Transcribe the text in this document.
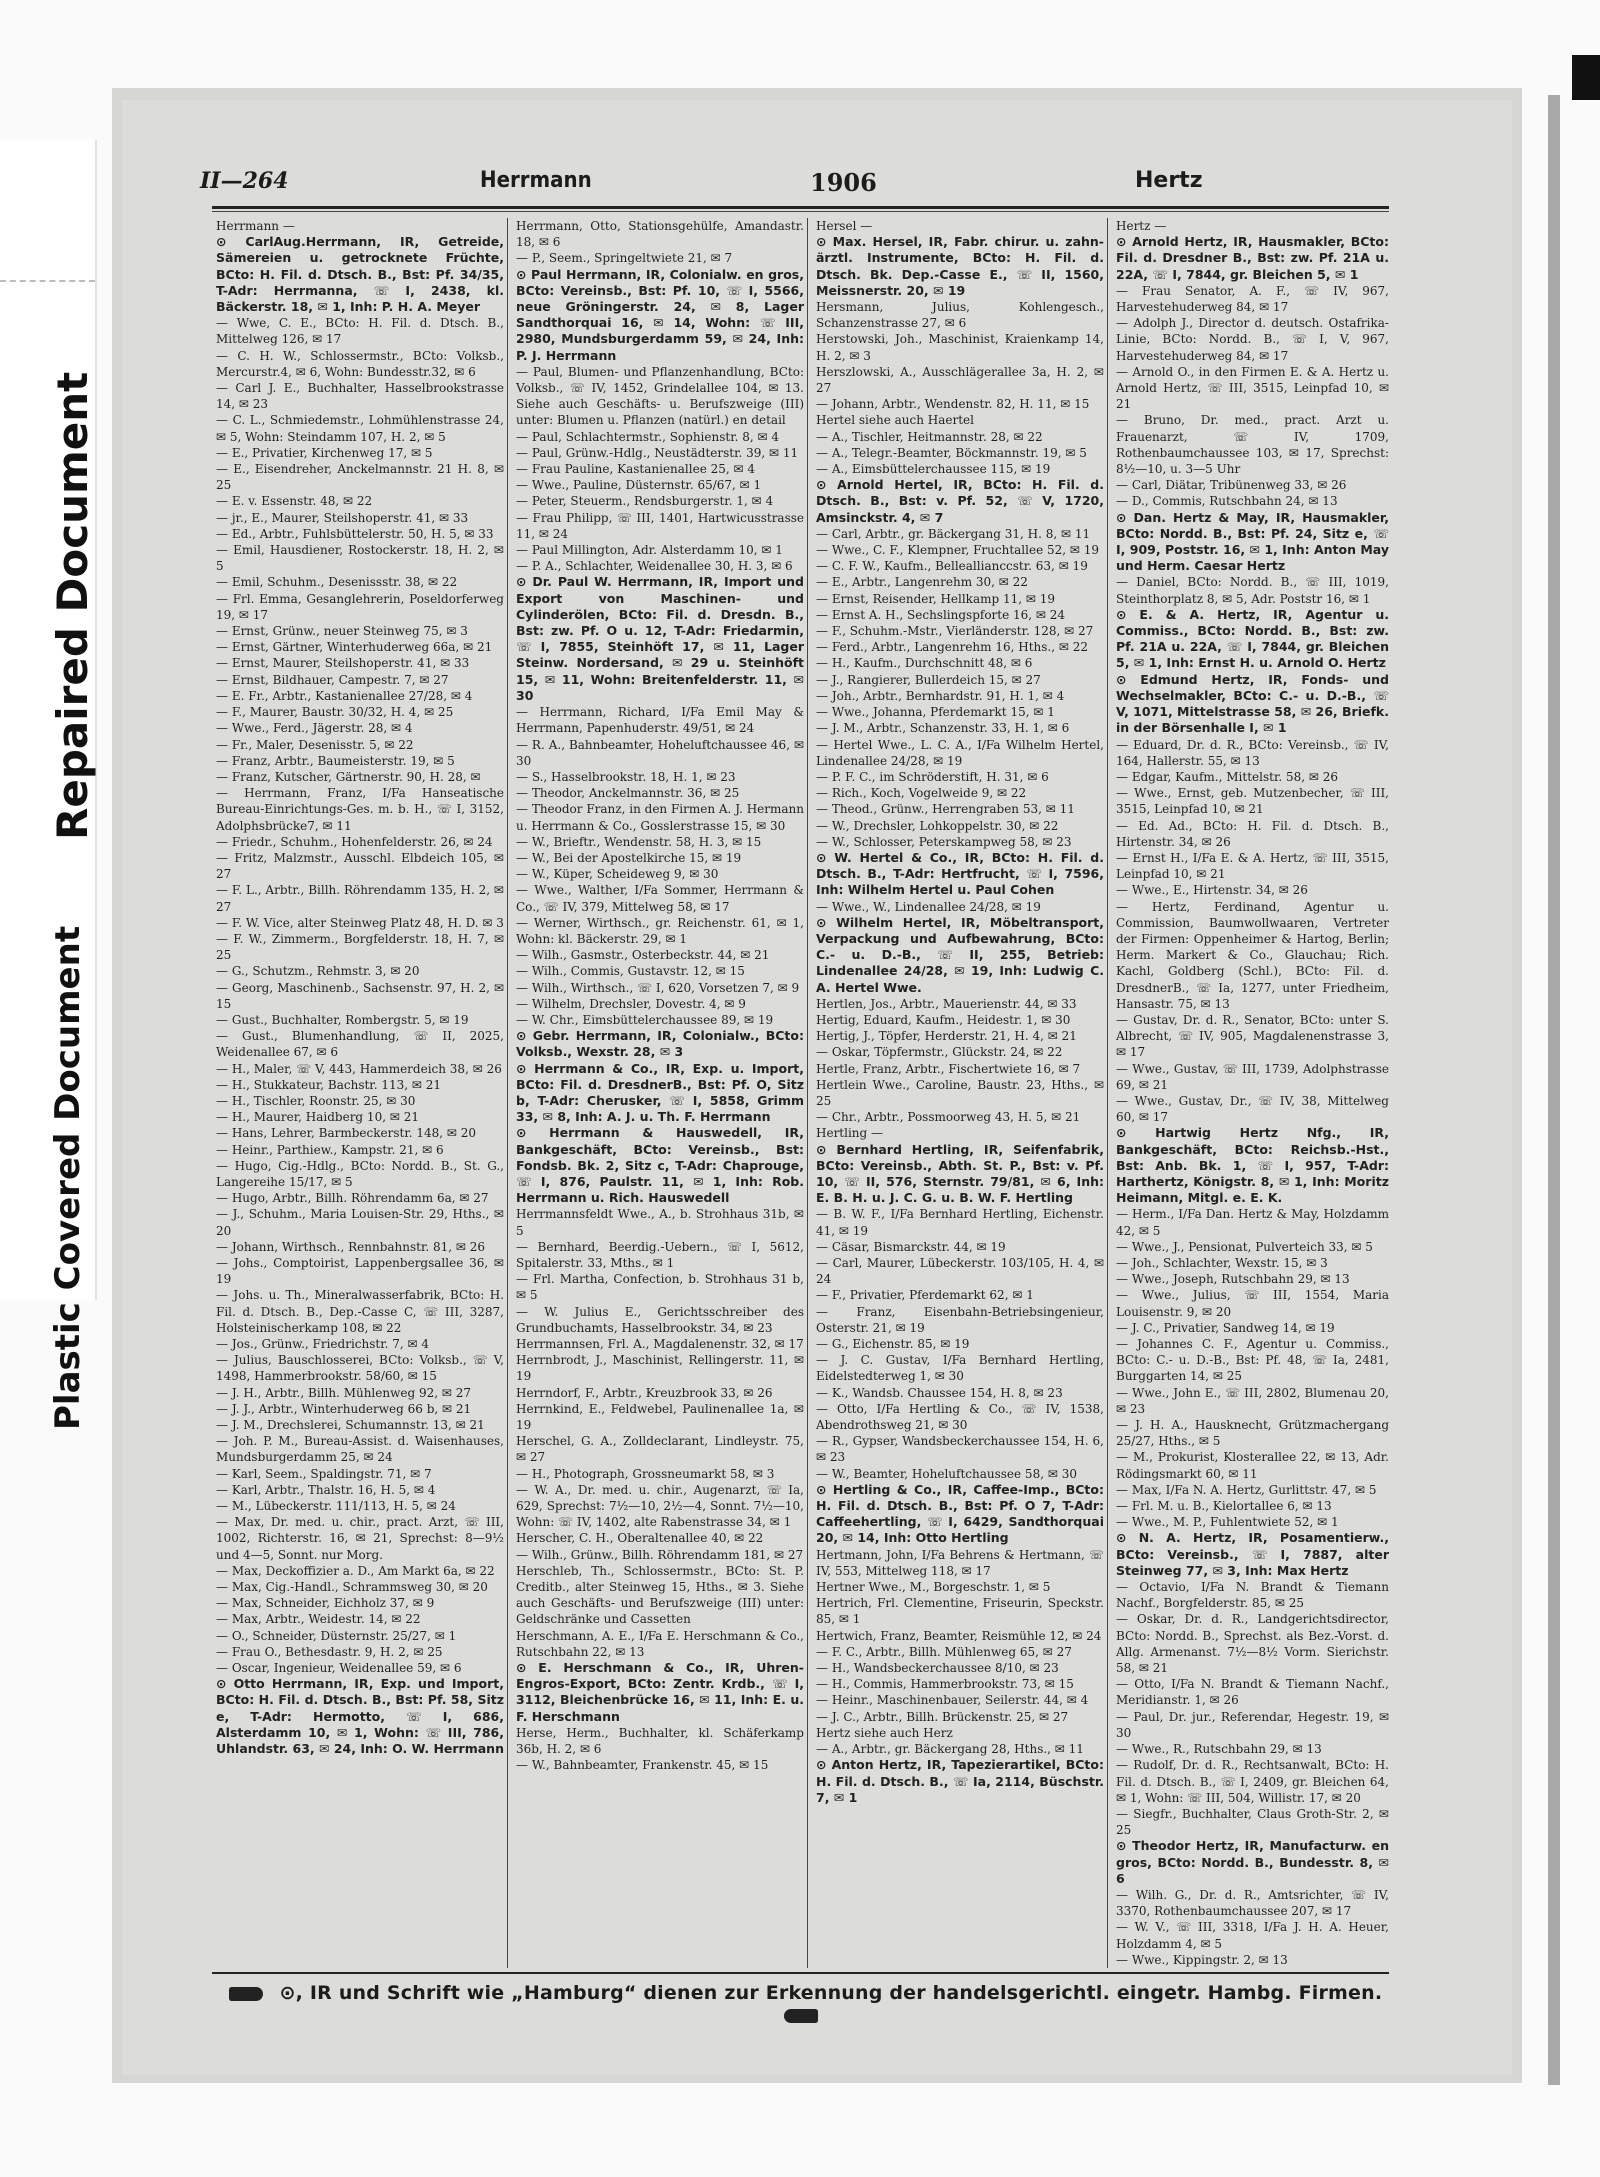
Repaired Document
Plastic Covered Document
II—264	Herrmann	1906	Hertz
Herrmann —
⊙ CarlAug.Herrmann, IR, Getreide, Sämereien u. getrocknete Früchte, BCto: H. Fil. d. Dtsch. B., Bst: Pf. 34/35, T-Adr: Herrmanna, ☏ I, 2438, kl. Bäckerstr. 18, ✉ 1, Inh: P. H. A. Meyer
— Wwe, C. E., BCto: H. Fil. d. Dtsch. B., Mittelweg 126, ✉ 17
— C. H. W., Schlossermstr., BCto: Volksb., Mercurstr.4, ✉ 6, Wohn: Bundesstr.32, ✉ 6
— Carl J. E., Buchhalter, Hasselbrookstrasse 14, ✉ 23
— C. L., Schmiedemstr., Lohmühlenstrasse 24, ✉ 5, Wohn: Steindamm 107, H. 2, ✉ 5
— E., Privatier, Kirchenweg 17, ✉ 5
— E., Eisendreher, Anckelmannstr. 21 H. 8, ✉ 25
— E. v. Essenstr. 48, ✉ 22
— jr., E., Maurer, Steilshoperstr. 41, ✉ 33
— Ed., Arbtr., Fuhlsbüttelerstr. 50, H. 5, ✉ 33
— Emil, Hausdiener, Rostockerstr. 18, H. 2, ✉ 5
— Emil, Schuhm., Desenissstr. 38, ✉ 22
— Frl. Emma, Gesanglehrerin, Poseldorferweg 19, ✉ 17
— Ernst, Grünw., neuer Steinweg 75, ✉ 3
— Ernst, Gärtner, Winterhuderweg 66a, ✉ 21
— Ernst, Maurer, Steilshoperstr. 41, ✉ 33
— Ernst, Bildhauer, Campestr. 7, ✉ 27
— E. Fr., Arbtr., Kastanienallee 27/28, ✉ 4
— F., Maurer, Baustr. 30/32, H. 4, ✉ 25
— Wwe., Ferd., Jägerstr. 28, ✉ 4
— Fr., Maler, Desenisstr. 5, ✉ 22
— Franz, Arbtr., Baumeisterstr. 19, ✉ 5
— Franz, Kutscher, Gärtnerstr. 90, H. 28, ✉
— Herrmann, Franz, I/Fa Hanseatische Bureau-Einrichtungs-Ges. m. b. H., ☏ I, 3152, Adolphsbrücke7, ✉ 11
— Friedr., Schuhm., Hohenfelderstr. 26, ✉ 24
— Fritz, Malzmstr., Ausschl. Elbdeich 105, ✉ 27
— F. L., Arbtr., Billh. Röhrendamm 135, H. 2, ✉ 27
— F. W. Vice, alter Steinweg Platz 48, H. D. ✉ 3
— F. W., Zimmerm., Borgfelderstr. 18, H. 7, ✉ 25
— G., Schutzm., Rehmstr. 3, ✉ 20
— Georg, Maschinenb., Sachsenstr. 97, H. 2, ✉ 15
— Gust., Buchhalter, Rombergstr. 5, ✉ 19
— Gust., Blumenhandlung, ☏ II, 2025, Weidenallee 67, ✉ 6
— H., Maler, ☏ V, 443, Hammerdeich 38, ✉ 26
— H., Stukkateur, Bachstr. 113, ✉ 21
— H., Tischler, Roonstr. 25, ✉ 30
— H., Maurer, Haidberg 10, ✉ 21
— Hans, Lehrer, Barmbeckerstr. 148, ✉ 20
— Heinr., Parthiew., Kampstr. 21, ✉ 6
— Hugo, Cig.-Hdlg., BCto: Nordd. B., St. G., Langereihe 15/17, ✉ 5
— Hugo, Arbtr., Billh. Röhrendamm 6a, ✉ 27
— J., Schuhm., Maria Louisen-Str. 29, Hths., ✉ 20
— Johann, Wirthsch., Rennbahnstr. 81, ✉ 26
— Johs., Comptoirist, Lappenbergsallee 36, ✉ 19
— Johs. u. Th., Mineralwasserfabrik, BCto: H. Fil. d. Dtsch. B., Dep.-Casse C, ☏ III, 3287, Holsteinischerkamp 108, ✉ 22
— Jos., Grünw., Friedrichstr. 7, ✉ 4
— Julius, Bauschlosserei, BCto: Volksb., ☏ V, 1498, Hammerbrookstr. 58/60, ✉ 15
— J. H., Arbtr., Billh. Mühlenweg 92, ✉ 27
— J. J., Arbtr., Winterhuderweg 66 b, ✉ 21
— J. M., Drechslerei, Schumannstr. 13, ✉ 21
— Joh. P. M., Bureau-Assist. d. Waisenhauses, Mundsburgerdamm 25, ✉ 24
— Karl, Seem., Spaldingstr. 71, ✉ 7
— Karl, Arbtr., Thalstr. 16, H. 5, ✉ 4
— M., Lübeckerstr. 111/113, H. 5, ✉ 24
— Max, Dr. med. u. chir., pract. Arzt, ☏ III, 1002, Richterstr. 16, ✉ 21, Sprechst: 8—9½ und 4—5, Sonnt. nur Morg.
— Max, Deckoffizier a. D., Am Markt 6a, ✉ 22
— Max, Cig.-Handl., Schrammsweg 30, ✉ 20
— Max, Schneider, Eichholz 37, ✉ 9
— Max, Arbtr., Weidestr. 14, ✉ 22
— O., Schneider, Düsternstr. 25/27, ✉ 1
— Frau O., Bethesdastr. 9, H. 2, ✉ 25
— Oscar, Ingenieur, Weidenallee 59, ✉ 6
⊙ Otto Herrmann, IR, Exp. und Import, BCto: H. Fil. d. Dtsch. B., Bst: Pf. 58, Sitz e, T-Adr: Hermotto, ☏ I, 686, Alsterdamm 10, ✉ 1, Wohn: ☏ III, 786, Uhlandstr. 63, ✉ 24, Inh: O. W. Herrmann
Herrmann, Otto, Stationsgehülfe, Amandastr. 18, ✉ 6
— P., Seem., Springeltwiete 21, ✉ 7
⊙ Paul Herrmann, IR, Colonialw. en gros, BCto: Vereinsb., Bst: Pf. 10, ☏ I, 5566, neue Gröningerstr. 24, ✉ 8, Lager Sandthorquai 16, ✉ 14, Wohn: ☏ III, 2980, Mundsburgerdamm 59, ✉ 24, Inh: P. J. Herrmann
— Paul, Blumen- und Pflanzenhandlung, BCto: Volksb., ☏ IV, 1452, Grindelallee 104, ✉ 13. Siehe auch Geschäfts- u. Berufszweige (III) unter: Blumen u. Pflanzen (natürl.) en detail
— Paul, Schlachtermstr., Sophienstr. 8, ✉ 4
— Paul, Grünw.-Hdlg., Neustädterstr. 39, ✉ 11
— Frau Pauline, Kastanienallee 25, ✉ 4
— Wwe., Pauline, Düsternstr. 65/67, ✉ 1
— Peter, Steuerm., Rendsburgerstr. 1, ✉ 4
— Frau Philipp, ☏ III, 1401, Hartwicusstrasse 11, ✉ 24
— Paul Millington, Adr. Alsterdamm 10, ✉ 1
— P. A., Schlachter, Weidenallee 30, H. 3, ✉ 6
⊙ Dr. Paul W. Herrmann, IR, Import und Export von Maschinen- und Cylinderölen, BCto: Fil. d. Dresdn. B., Bst: zw. Pf. O u. 12, T-Adr: Friedarmin, ☏ I, 7855, Steinhöft 17, ✉ 11, Lager Steinw. Nordersand, ✉ 29 u. Steinhöft 15, ✉ 11, Wohn: Breitenfelderstr. 11, ✉ 30
— Herrmann, Richard, I/Fa Emil May & Herrmann, Papenhuderstr. 49/51, ✉ 24
— R. A., Bahnbeamter, Hoheluftchaussee 46, ✉ 30
— S., Hasselbrookstr. 18, H. 1, ✉ 23
— Theodor, Anckelmannstr. 36, ✉ 25
— Theodor Franz, in den Firmen A. J. Hermann u. Herrmann & Co., Gosslerstrasse 15, ✉ 30
— W., Brieftr., Wendenstr. 58, H. 3, ✉ 15
— W., Bei der Apostelkirche 15, ✉ 19
— W., Küper, Scheideweg 9, ✉ 30
— Wwe., Walther, I/Fa Sommer, Herrmann & Co., ☏ IV, 379, Mittelweg 58, ✉ 17
— Werner, Wirthsch., gr. Reichenstr. 61, ✉ 1, Wohn: kl. Bäckerstr. 29, ✉ 1
— Wilh., Gasmstr., Osterbeckstr. 44, ✉ 21
— Wilh., Commis, Gustavstr. 12, ✉ 15
— Wilh., Wirthsch., ☏ I, 620, Vorsetzen 7, ✉ 9
— Wilhelm, Drechsler, Dovestr. 4, ✉ 9
— W. Chr., Eimsbüttelerchaussee 89, ✉ 19
⊙ Gebr. Herrmann, IR, Colonialw., BCto: Volksb., Wexstr. 28, ✉ 3
⊙ Herrmann & Co., IR, Exp. u. Import, BCto: Fil. d. DresdnerB., Bst: Pf. O, Sitz b, T-Adr: Cherusker, ☏ I, 5858, Grimm 33, ✉ 8, Inh: A. J. u. Th. F. Herrmann
⊙ Herrmann & Hauswedell, IR, Bankgeschäft, BCto: Vereinsb., Bst: Fondsb. Bk. 2, Sitz c, T-Adr: Chaprouge, ☏ I, 876, Paulstr. 11, ✉ 1, Inh: Rob. Herrmann u. Rich. Hauswedell
Herrmannsfeldt Wwe., A., b. Strohhaus 31b, ✉ 5
— Bernhard, Beerdig.-Uebern., ☏ I, 5612, Spitalerstr. 33, Mths., ✉ 1
— Frl. Martha, Confection, b. Strohhaus 31 b, ✉ 5
— W. Julius E., Gerichtsschreiber des Grundbuchamts, Hasselbrookstr. 34, ✉ 23
Herrmannsen, Frl. A., Magdalenenstr. 32, ✉ 17
Herrnbrodt, J., Maschinist, Rellingerstr. 11, ✉ 19
Herrndorf, F., Arbtr., Kreuzbrook 33, ✉ 26
Herrnkind, E., Feldwebel, Paulinenallee 1a, ✉ 19
Herschel, G. A., Zolldeclarant, Lindleystr. 75, ✉ 27
— H., Photograph, Grossneumarkt 58, ✉ 3
— W. A., Dr. med. u. chir., Augenarzt, ☏ Ia, 629, Sprechst: 7½—10, 2½—4, Sonnt. 7½—10, Wohn: ☏ IV, 1402, alte Rabenstrasse 34, ✉ 1
Herscher, C. H., Oberaltenallee 40, ✉ 22
— Wilh., Grünw., Billh. Röhrendamm 181, ✉ 27
Herschleb, Th., Schlossermstr., BCto: St. P. Creditb., alter Steinweg 15, Hths., ✉ 3. Siehe auch Geschäfts- und Berufszweige (III) unter: Geldschränke und Cassetten
Herschmann, A. E., I/Fa E. Herschmann & Co., Rutschbahn 22, ✉ 13
⊙ E. Herschmann & Co., IR, Uhren-Engros-Export, BCto: Zentr. Krdb., ☏ I, 3112, Bleichenbrücke 16, ✉ 11, Inh: E. u. F. Herschmann
Herse, Herm., Buchhalter, kl. Schäferkamp 36b, H. 2, ✉ 6
— W., Bahnbeamter, Frankenstr. 45, ✉ 15
Hersel —
⊙ Max. Hersel, IR, Fabr. chirur. u. zahn-ärztl. Instrumente, BCto: H. Fil. d. Dtsch. Bk. Dep.-Casse E., ☏ II, 1560, Meissnerstr. 20, ✉ 19
Hersmann, Julius, Kohlengesch., Schanzenstrasse 27, ✉ 6
Herstowski, Joh., Maschinist, Kraienkamp 14, H. 2, ✉ 3
Herszlowski, A., Ausschlägerallee 3a, H. 2, ✉ 27
— Johann, Arbtr., Wendenstr. 82, H. 11, ✉ 15
Hertel siehe auch Haertel
— A., Tischler, Heitmannstr. 28, ✉ 22
— A., Telegr.-Beamter, Böckmannstr. 19, ✉ 5
— A., Eimsbüttelerchaussee 115, ✉ 19
⊙ Arnold Hertel, IR, BCto: H. Fil. d. Dtsch. B., Bst: v. Pf. 52, ☏ V, 1720, Amsinckstr. 4, ✉ 7
— Carl, Arbtr., gr. Bäckergang 31, H. 8, ✉ 11
— Wwe., C. F., Klempner, Fruchtallee 52, ✉ 19
— C. F. W., Kaufm., Belleallianccstr. 63, ✉ 19
— E., Arbtr., Langenrehm 30, ✉ 22
— Ernst, Reisender, Hellkamp 11, ✉ 19
— Ernst A. H., Sechslingspforte 16, ✉ 24
— F., Schuhm.-Mstr., Vierländerstr. 128, ✉ 27
— Ferd., Arbtr., Langenrehm 16, Hths., ✉ 22
— H., Kaufm., Durchschnitt 48, ✉ 6
— J., Rangierer, Bullerdeich 15, ✉ 27
— Joh., Arbtr., Bernhardstr. 91, H. 1, ✉ 4
— Wwe., Johanna, Pferdemarkt 15, ✉ 1
— J. M., Arbtr., Schanzenstr. 33, H. 1, ✉ 6
— Hertel Wwe., L. C. A., I/Fa Wilhelm Hertel, Lindenallee 24/28, ✉ 19
— P. F. C., im Schröderstift, H. 31, ✉ 6
— Rich., Koch, Vogelweide 9, ✉ 22
— Theod., Grünw., Herrengraben 53, ✉ 11
— W., Drechsler, Lohkoppelstr. 30, ✉ 22
— W., Schlosser, Peterskampweg 58, ✉ 23
⊙ W. Hertel & Co., IR, BCto: H. Fil. d. Dtsch. B., T-Adr: Hertfrucht, ☏ I, 7596, Inh: Wilhelm Hertel u. Paul Cohen
— Wwe., W., Lindenallee 24/28, ✉ 19
⊙ Wilhelm Hertel, IR, Möbeltransport, Verpackung und Aufbewahrung, BCto: C.- u. D.-B., ☏ II, 255, Betrieb: Lindenallee 24/28, ✉ 19, Inh: Ludwig C. A. Hertel Wwe.
Hertlen, Jos., Arbtr., Mauerienstr. 44, ✉ 33
Hertig, Eduard, Kaufm., Heidestr. 1, ✉ 30
Hertig, J., Töpfer, Herderstr. 21, H. 4, ✉ 21
— Oskar, Töpfermstr., Glückstr. 24, ✉ 22
Hertle, Franz, Arbtr., Fischertwiete 16, ✉ 7
Hertlein Wwe., Caroline, Baustr. 23, Hths., ✉ 25
— Chr., Arbtr., Possmoorweg 43, H. 5, ✉ 21
Hertling —
⊙ Bernhard Hertling, IR, Seifenfabrik, BCto: Vereinsb., Abth. St. P., Bst: v. Pf. 10, ☏ II, 576, Sternstr. 79/81, ✉ 6, Inh: E. B. H. u. J. C. G. u. B. W. F. Hertling
— B. W. F., I/Fa Bernhard Hertling, Eichenstr. 41, ✉ 19
— Cäsar, Bismarckstr. 44, ✉ 19
— Carl, Maurer, Lübeckerstr. 103/105, H. 4, ✉ 24
— F., Privatier, Pferdemarkt 62, ✉ 1
— Franz, Eisenbahn-Betriebsingenieur, Osterstr. 21, ✉ 19
— G., Eichenstr. 85, ✉ 19
— J. C. Gustav, I/Fa Bernhard Hertling, Eidelstedterweg 1, ✉ 30
— K., Wandsb. Chaussee 154, H. 8, ✉ 23
— Otto, I/Fa Hertling & Co., ☏ IV, 1538, Abendrothsweg 21, ✉ 30
— R., Gypser, Wandsbeckerchaussee 154, H. 6, ✉ 23
— W., Beamter, Hoheluftchaussee 58, ✉ 30
⊙ Hertling & Co., IR, Caffee-Imp., BCto: H. Fil. d. Dtsch. B., Bst: Pf. O 7, T-Adr: Caffeehertling, ☏ I, 6429, Sandthorquai 20, ✉ 14, Inh: Otto Hertling
Hertmann, John, I/Fa Behrens & Hertmann, ☏ IV, 553, Mittelweg 118, ✉ 17
Hertner Wwe., M., Borgeschstr. 1, ✉ 5
Hertrich, Frl. Clementine, Friseurin, Speckstr. 85, ✉ 1
Hertwich, Franz, Beamter, Reismühle 12, ✉ 24
— F. C., Arbtr., Billh. Mühlenweg 65, ✉ 27
— H., Wandsbeckerchaussee 8/10, ✉ 23
— H., Commis, Hammerbrookstr. 73, ✉ 15
— Heinr., Maschinenbauer, Seilerstr. 44, ✉ 4
— J. C., Arbtr., Billh. Brückenstr. 25, ✉ 27
Hertz siehe auch Herz
— A., Arbtr., gr. Bäckergang 28, Hths., ✉ 11
⊙ Anton Hertz, IR, Tapezierartikel, BCto: H. Fil. d. Dtsch. B., ☏ Ia, 2114, Büschstr. 7, ✉ 1
Hertz —
⊙ Arnold Hertz, IR, Hausmakler, BCto: Fil. d. Dresdner B., Bst: zw. Pf. 21A u. 22A, ☏ I, 7844, gr. Bleichen 5, ✉ 1
— Frau Senator, A. F., ☏ IV, 967, Harvestehuderweg 84, ✉ 17
— Adolph J., Director d. deutsch. Ostafrika-Linie, BCto: Nordd. B., ☏ I, V, 967, Harvestehuderweg 84, ✉ 17
— Arnold O., in den Firmen E. & A. Hertz u. Arnold Hertz, ☏ III, 3515, Leinpfad 10, ✉ 21
— Bruno, Dr. med., pract. Arzt u. Frauenarzt, ☏ IV, 1709, Rothenbaumchaussee 103, ✉ 17, Sprechst: 8½—10, u. 3—5 Uhr
— Carl, Diätar, Tribünenweg 33, ✉ 26
— D., Commis, Rutschbahn 24, ✉ 13
⊙ Dan. Hertz & May, IR, Hausmakler, BCto: Nordd. B., Bst: Pf. 24, Sitz e, ☏ I, 909, Poststr. 16, ✉ 1, Inh: Anton May und Herm. Caesar Hertz
— Daniel, BCto: Nordd. B., ☏ III, 1019, Steinthorplatz 8, ✉ 5, Adr. Poststr 16, ✉ 1
⊙ E. & A. Hertz, IR, Agentur u. Commiss., BCto: Nordd. B., Bst: zw. Pf. 21A u. 22A, ☏ I, 7844, gr. Bleichen 5, ✉ 1, Inh: Ernst H. u. Arnold O. Hertz
⊙ Edmund Hertz, IR, Fonds- und Wechselmakler, BCto: C.- u. D.-B., ☏ V, 1071, Mittelstrasse 58, ✉ 26, Briefk. in der Börsenhalle I, ✉ 1
— Eduard, Dr. d. R., BCto: Vereinsb., ☏ IV, 164, Hallerstr. 55, ✉ 13
— Edgar, Kaufm., Mittelstr. 58, ✉ 26
— Wwe., Ernst, geb. Mutzenbecher, ☏ III, 3515, Leinpfad 10, ✉ 21
— Ed. Ad., BCto: H. Fil. d. Dtsch. B., Hirtenstr. 34, ✉ 26
— Ernst H., I/Fa E. & A. Hertz, ☏ III, 3515, Leinpfad 10, ✉ 21
— Wwe., E., Hirtenstr. 34, ✉ 26
— Hertz, Ferdinand, Agentur u. Commission, Baumwollwaaren, Vertreter der Firmen: Oppenheimer & Hartog, Berlin; Herm. Markert & Co., Glauchau; Rich. Kachl, Goldberg (Schl.), BCto: Fil. d. DresdnerB., ☏ Ia, 1277, unter Friedheim, Hansastr. 75, ✉ 13
— Gustav, Dr. d. R., Senator, BCto: unter S. Albrecht, ☏ IV, 905, Magdalenenstrasse 3, ✉ 17
— Wwe., Gustav, ☏ III, 1739, Adolphstrasse 69, ✉ 21
— Wwe., Gustav, Dr., ☏ IV, 38, Mittelweg 60, ✉ 17
⊙ Hartwig Hertz Nfg., IR, Bankgeschäft, BCto: Reichsb.-Hst., Bst: Anb. Bk. 1, ☏ I, 957, T-Adr: Harthertz, Königstr. 8, ✉ 1, Inh: Moritz Heimann, Mitgl. e. E. K.
— Herm., I/Fa Dan. Hertz & May, Holzdamm 42, ✉ 5
— Wwe., J., Pensionat, Pulverteich 33, ✉ 5
— Joh., Schlachter, Wexstr. 15, ✉ 3
— Wwe., Joseph, Rutschbahn 29, ✉ 13
— Wwe., Julius, ☏ III, 1554, Maria Louisenstr. 9, ✉ 20
— J. C., Privatier, Sandweg 14, ✉ 19
— Johannes C. F., Agentur u. Commiss., BCto: C.- u. D.-B., Bst: Pf. 48, ☏ Ia, 2481, Burggarten 14, ✉ 25
— Wwe., John E., ☏ III, 2802, Blumenau 20, ✉ 23
— J. H. A., Hausknecht, Grützmachergang 25/27, Hths., ✉ 5
— M., Prokurist, Klosterallee 22, ✉ 13, Adr. Rödingsmarkt 60, ✉ 11
— Max, I/Fa N. A. Hertz, Gurlittstr. 47, ✉ 5
— Frl. M. u. B., Kielortallee 6, ✉ 13
— Wwe., M. P., Fuhlentwiete 52, ✉ 1
⊙ N. A. Hertz, IR, Posamentierw., BCto: Vereinsb., ☏ I, 7887, alter Steinweg 77, ✉ 3, Inh: Max Hertz
— Octavio, I/Fa N. Brandt & Tiemann Nachf., Borgfelderstr. 85, ✉ 25
— Oskar, Dr. d. R., Landgerichtsdirector, BCto: Nordd. B., Sprechst. als Bez.-Vorst. d. Allg. Armenanst. 7½—8½ Vorm. Sierichstr. 58, ✉ 21
— Otto, I/Fa N. Brandt & Tiemann Nachf., Meridianstr. 1, ✉ 26
— Paul, Dr. jur., Referendar, Hegestr. 19, ✉ 30
— Wwe., R., Rutschbahn 29, ✉ 13
— Rudolf, Dr. d. R., Rechtsanwalt, BCto: H. Fil. d. Dtsch. B., ☏ I, 2409, gr. Bleichen 64, ✉ 1, Wohn: ☏ III, 504, Willistr. 17, ✉ 20
— Siegfr., Buchhalter, Claus Groth-Str. 2, ✉ 25
⊙ Theodor Hertz, IR, Manufacturw. en gros, BCto: Nordd. B., Bundesstr. 8, ✉ 6
— Wilh. G., Dr. d. R., Amtsrichter, ☏ IV, 3370, Rothenbaumchaussee 207, ✉ 17
— W. V., ☏ III, 3318, I/Fa J. H. A. Heuer, Holzdamm 4, ✉ 5
— Wwe., Kippingstr. 2, ✉ 13
⊙, IR und Schrift wie „Hamburg“ dienen zur Erkennung der handelsgerichtl. eingetr. Hambg. Firmen.
